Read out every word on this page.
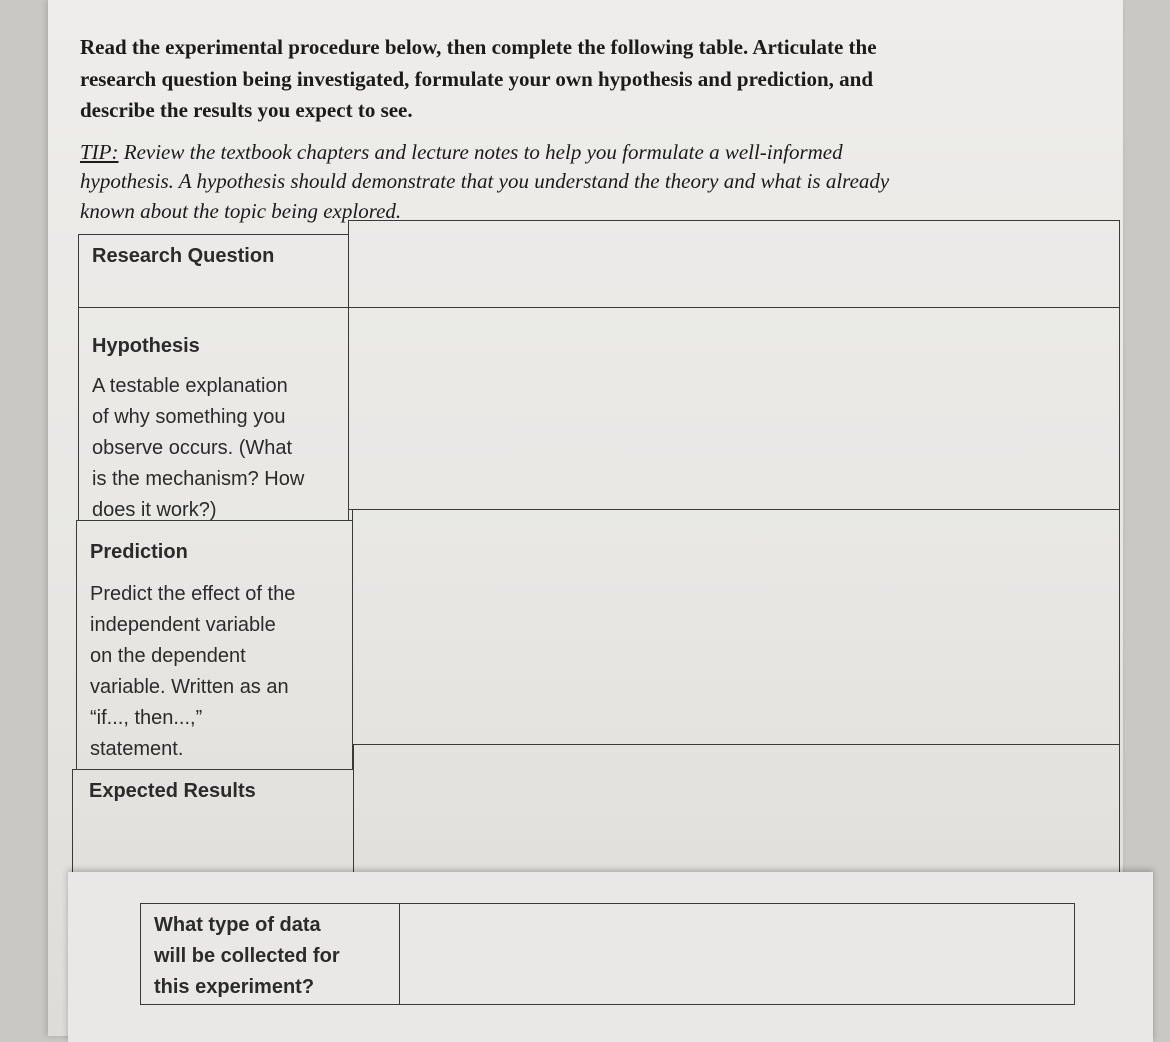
Read the experimental procedure below, then complete the following table. Articulate the

research question being investigated, formulate your own hypothesis and prediction, and

describe the results you expect to see.

TIP: Review the textbook chapters and lecture notes to help you formulate a well-informed
hypothesis. A hypothesis should demonstrate that you understand the theory and what is already
known about the topic being explored.
Research Question
Hypothesis
A testable explanation
of why something you
observe occurs. (What
is the mechanism? How
does it work?)
Prediction
Predict the effect of the
independent variable
on the dependent
variable. Written as an
“if..., then...,”
statement.
Expected Results
What type of data
will be collected for
this experiment?
